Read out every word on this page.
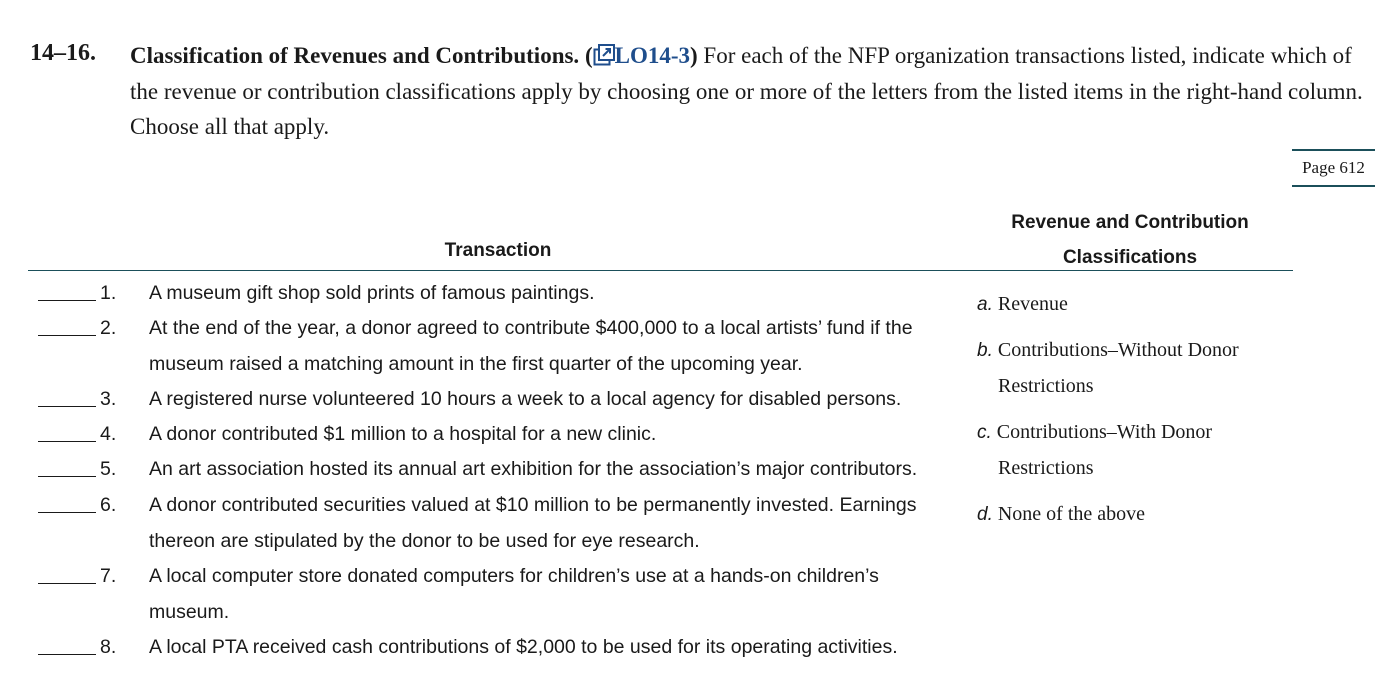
14–16. Classification of Revenues and Contributions. ( LO14-3) For each of the NFP organization transactions listed, indicate which of the revenue or contribution classifications apply by choosing one or more of the letters from the listed items in the right-hand column. Choose all that apply.
Page 612
Transaction
Revenue and Contribution
Classifications
1.	A museum gift shop sold prints of famous paintings.
2.	At the end of the year, a donor agreed to contribute $400,000 to a local artists’ fund if the
museum raised a matching amount in the first quarter of the upcoming year.
3.	A registered nurse volunteered 10 hours a week to a local agency for disabled persons.
4.	A donor contributed $1 million to a hospital for a new clinic.
5.	An art association hosted its annual art exhibition for the association’s major contributors.
6.	A donor contributed securities valued at $10 million to be permanently invested. Earnings
thereon are stipulated by the donor to be used for eye research.
7.	A local computer store donated computers for children’s use at a hands-on children’s
museum.
8.	A local PTA received cash contributions of $2,000 to be used for its operating activities.
a. Revenue
b. Contributions–Without Donor
Restrictions
c. Contributions–With Donor
Restrictions
d. None of the above
